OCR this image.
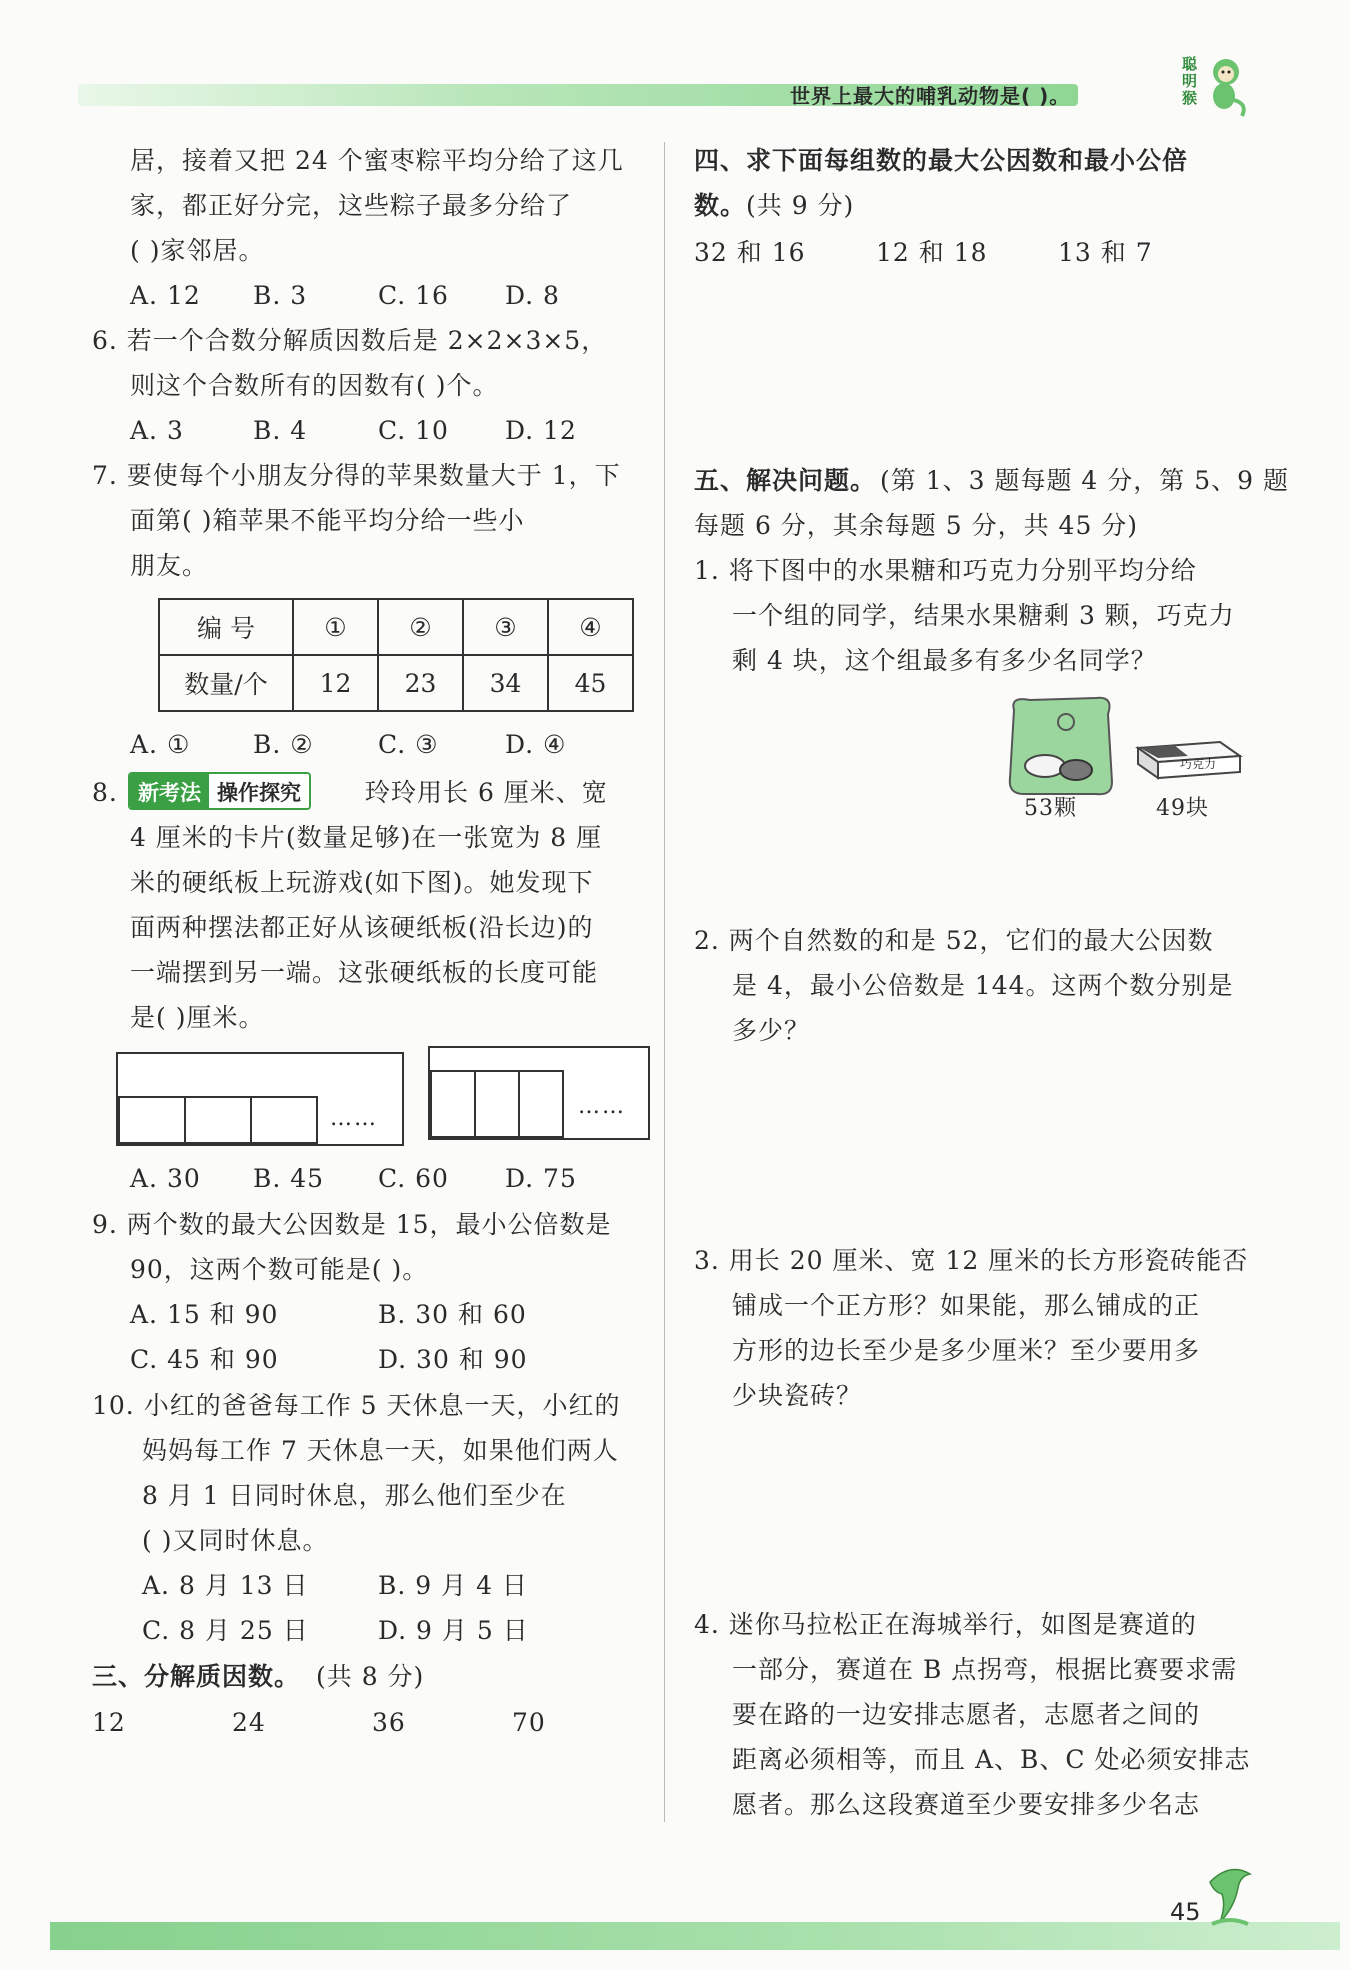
世界上最大的哺乳动物是( )。
聪明猴
居，接着又把 24 个蜜枣粽平均分给了这几
家，都正好分完，这些粽子最多分给了
( )家邻居。
A. 12 B. 3	C. 16 D. 8
6. 若一个合数分解质因数后是 2×2×3×5，
则这个合数所有的因数有( )个。
A. 3	B. 4	C. 10 D. 12
7. 要使每个小朋友分得的苹果数量大于 1，下
面第( )箱苹果不能平均分给一些小
朋友。
编 号	①	②	③	④
数量/个	12	23	34	45
A. ①	B. ②	C. ③	D. ④
8. 新考法 操作探究	玲玲用长 6 厘米、宽
4 厘米的卡片(数量足够)在一张宽为 8 厘
米的硬纸板上玩游戏(如下图)。她发现下
面两种摆法都正好从该硬纸板(沿长边)的
一端摆到另一端。这张硬纸板的长度可能
是( )厘米。
……	……
A. 30 B. 45 C. 60 D. 75
9. 两个数的最大公因数是 15，最小公倍数是
90，这两个数可能是( )。
A. 15 和 90	B. 30 和 60
C. 45 和 90	D. 30 和 90
10. 小红的爸爸每工作 5 天休息一天，小红的
妈妈每工作 7 天休息一天，如果他们两人
8 月 1 日同时休息，那么他们至少在
( )又同时休息。
A. 8 月 13 日	B. 9 月 4 日
C. 8 月 25 日	D. 9 月 5 日
三、分解质因数。 (共 8 分)
12	24	36	70
四、求下面每组数的最大公因数和最小公倍
数。 (共 9 分)
32 和 16	12 和 18	13 和 7
五、解决问题。 (第 1、3 题每题 4 分，第 5、9 题
每题 6 分，其余每题 5 分，共 45 分)
1. 将下图中的水果糖和巧克力分别平均分给
一个组的同学，结果水果糖剩 3 颗，巧克力
剩 4 块，这个组最多有多少名同学？
53颗
巧克力
49块
2. 两个自然数的和是 52，它们的最大公因数
是 4，最小公倍数是 144。这两个数分别是
多少？
3. 用长 20 厘米、宽 12 厘米的长方形瓷砖能否
铺成一个正方形？如果能，那么铺成的正
方形的边长至少是多少厘米？至少要用多
少块瓷砖？
4. 迷你马拉松正在海城举行，如图是赛道的
一部分，赛道在 B 点拐弯，根据比赛要求需
要在路的一边安排志愿者，志愿者之间的
距离必须相等，而且 A、B、C 处必须安排志
愿者。那么这段赛道至少要安排多少名志
45
